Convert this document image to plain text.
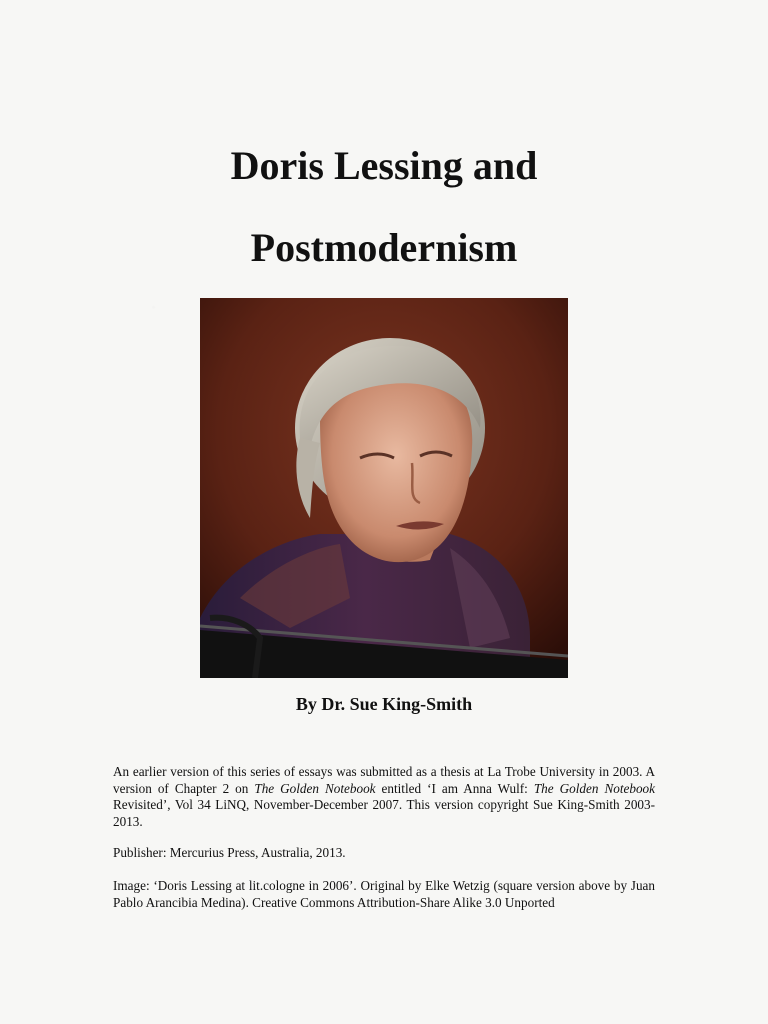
Doris Lessing and
Postmodernism
By Dr. Sue King-Smith

An earlier version of this series of essays was submitted as a thesis at La Trobe University in 2003. A version of Chapter 2 on The Golden Notebook entitled ‘I am Anna Wulf: The Golden Notebook Revisited’, Vol 34 LiNQ, November-December 2007. This version copyright Sue King-Smith 2003-2013.

Publisher: Mercurius Press, Australia, 2013.

Image: ‘Doris Lessing at lit.cologne in 2006’. Original by Elke Wetzig (square version above by Juan Pablo Arancibia Medina). Creative Commons Attribution-Share Alike 3.0 Unported
